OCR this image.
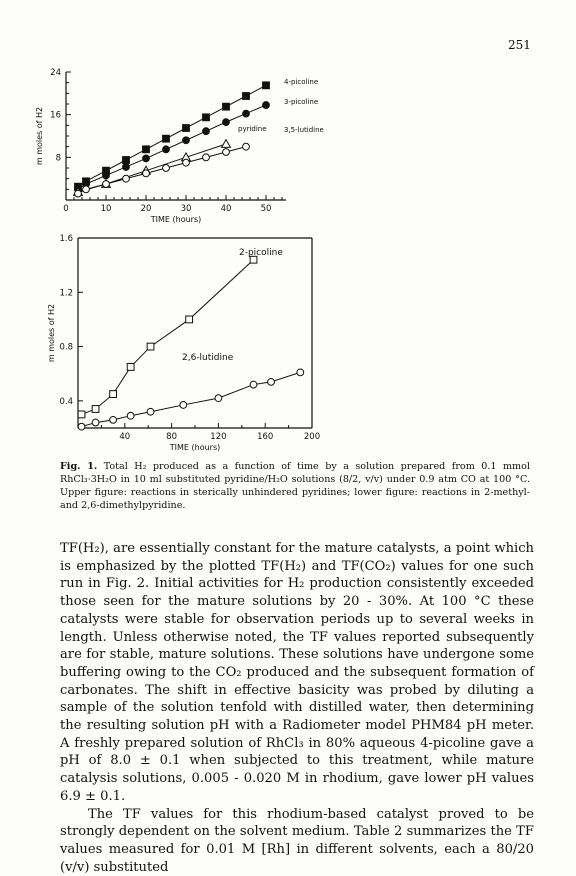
251
0	10	20	30	40	50
8
16
24
TIME (hours)
m moles of H2
40	80	120	160	200
0.4
0.8
1.2
1.6
TIME (hours)
m moles of H2
4-picoline
3-picoline
pyridine 3,5-lutidine
2-picoline
2,6-lutidine
Fig. 1. Total H₂ produced as a function of time by a solution prepared from 0.1 mmol RhCl₃·3H₂O in 10 ml substituted pyridine/H₂O solutions (8/2, v/v) under 0.9 atm CO at 100 °C. Upper figure: reactions in sterically unhindered pyridines; lower figure: reactions in 2-methyl- and 2,6-dimethylpyridine.

TF(H₂), are essentially constant for the mature catalysts, a point which is emphasized by the plotted TF(H₂) and TF(CO₂) values for one such run in Fig. 2. Initial activities for H₂ production consistently exceeded those seen for the mature solutions by 20 - 30%. At 100 °C these catalysts were stable for observation periods up to several weeks in length. Unless otherwise noted, the TF values reported subsequently are for stable, mature solutions. These solutions have undergone some buffering owing to the CO₂ produced and the subsequent formation of carbonates. The shift in effective basicity was probed by diluting a sample of the solution tenfold with distilled water, then determining the resulting solution pH with a Radiometer model PHM84 pH meter. A freshly prepared solution of RhCl₃ in 80% aqueous 4-picoline gave a pH of 8.0 ± 0.1 when subjected to this treatment, while mature catalysis solutions, 0.005 - 0.020 M in rhodium, gave lower pH values 6.9 ± 0.1.

The TF values for this rhodium-based catalyst proved to be strongly dependent on the solvent medium. Table 2 summarizes the TF values measured for 0.01 M [Rh] in different solvents, each a 80/20 (v/v) substituted
